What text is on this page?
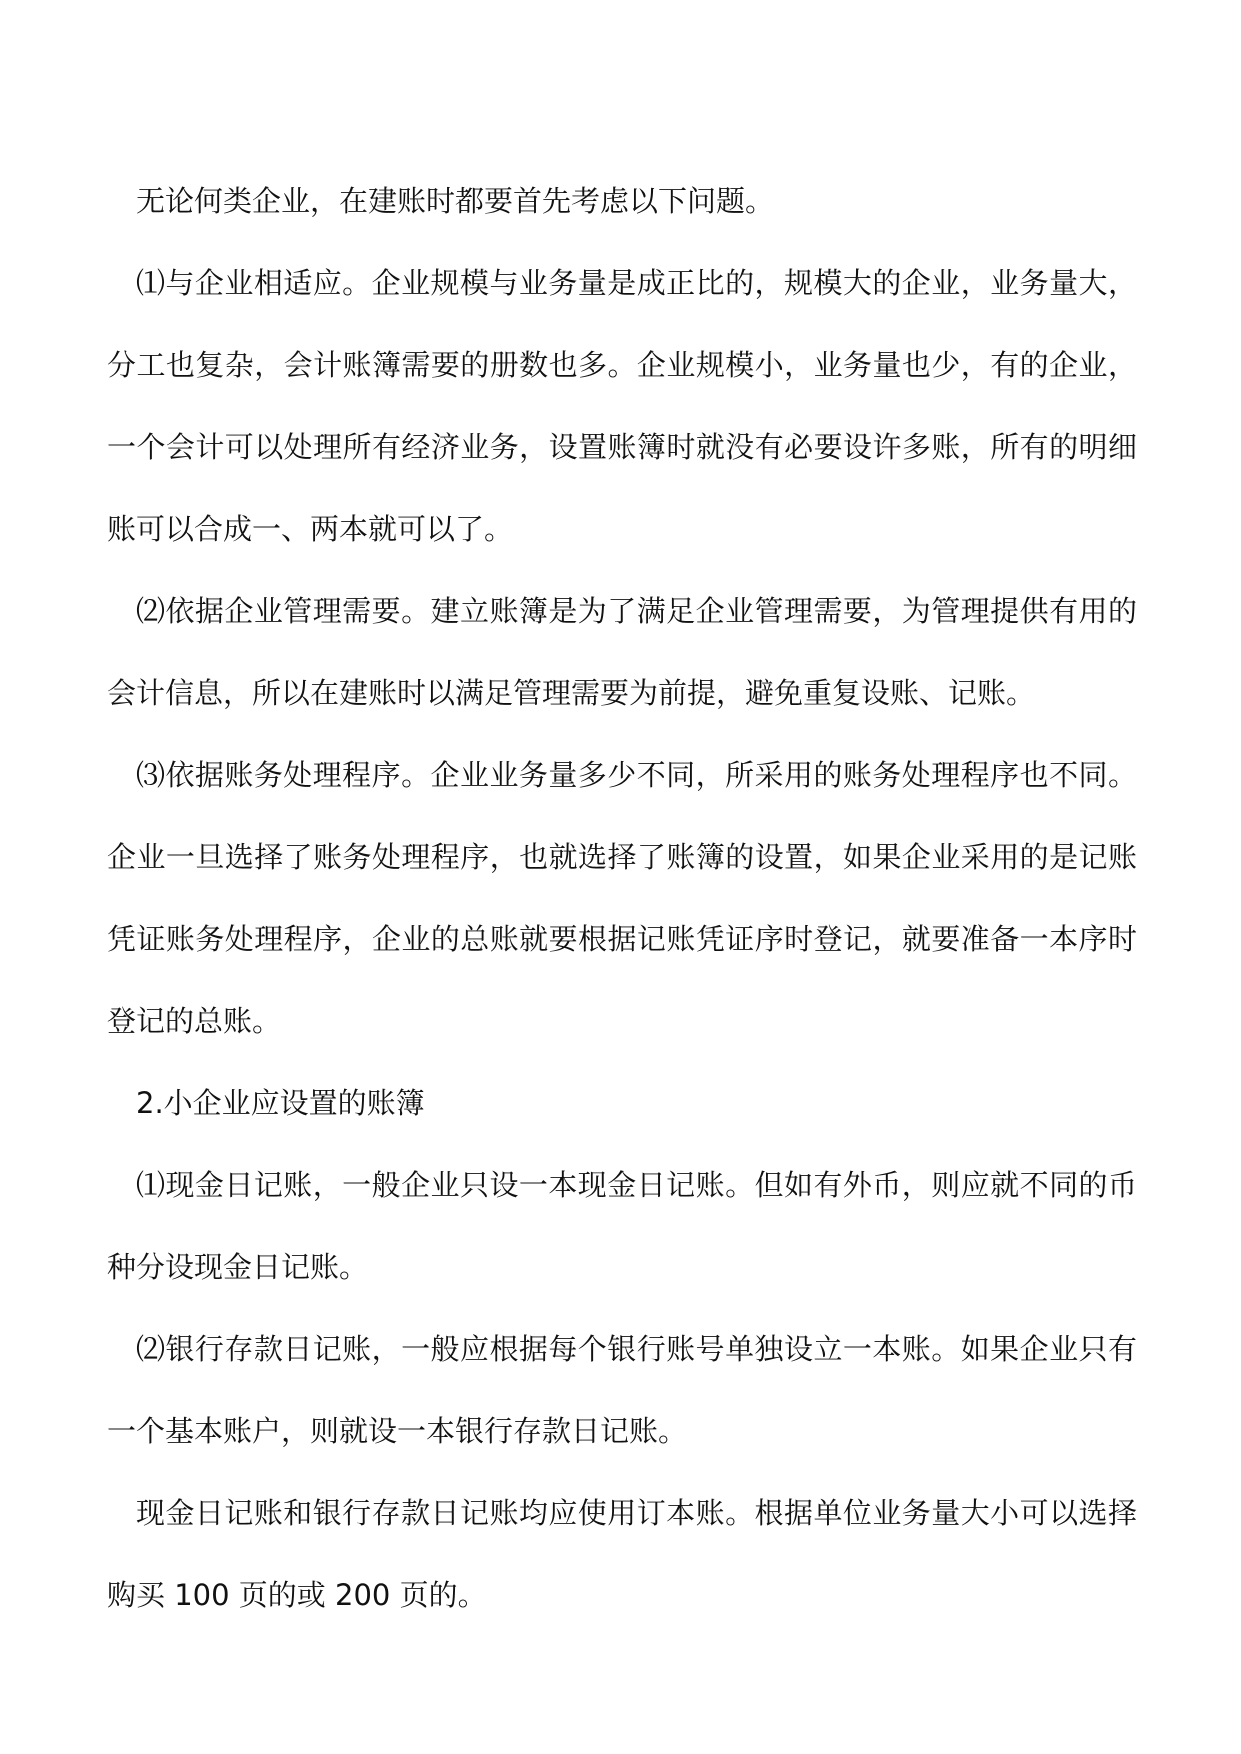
无论何类企业，在建账时都要首先考虑以下问题。

⑴与企业相适应。企业规模与业务量是成正比的，规模大的企业，业务量大，分工也复杂，会计账簿需要的册数也多。企业规模小，业务量也少，有的企业，一个会计可以处理所有经济业务，设置账簿时就没有必要设许多账，所有的明细账可以合成一、两本就可以了。

⑵依据企业管理需要。建立账簿是为了满足企业管理需要，为管理提供有用的会计信息，所以在建账时以满足管理需要为前提，避免重复设账、记账。

⑶依据账务处理程序。企业业务量多少不同，所采用的账务处理程序也不同。企业一旦选择了账务处理程序，也就选择了账簿的设置，如果企业采用的是记账凭证账务处理程序，企业的总账就要根据记账凭证序时登记，就要准备一本序时登记的总账。

2.小企业应设置的账簿

⑴现金日记账，一般企业只设一本现金日记账。但如有外币，则应就不同的币种分设现金日记账。

⑵银行存款日记账，一般应根据每个银行账号单独设立一本账。如果企业只有一个基本账户，则就设一本银行存款日记账。

现金日记账和银行存款日记账均应使用订本账。根据单位业务量大小可以选择购买 100 页的或 200 页的。
